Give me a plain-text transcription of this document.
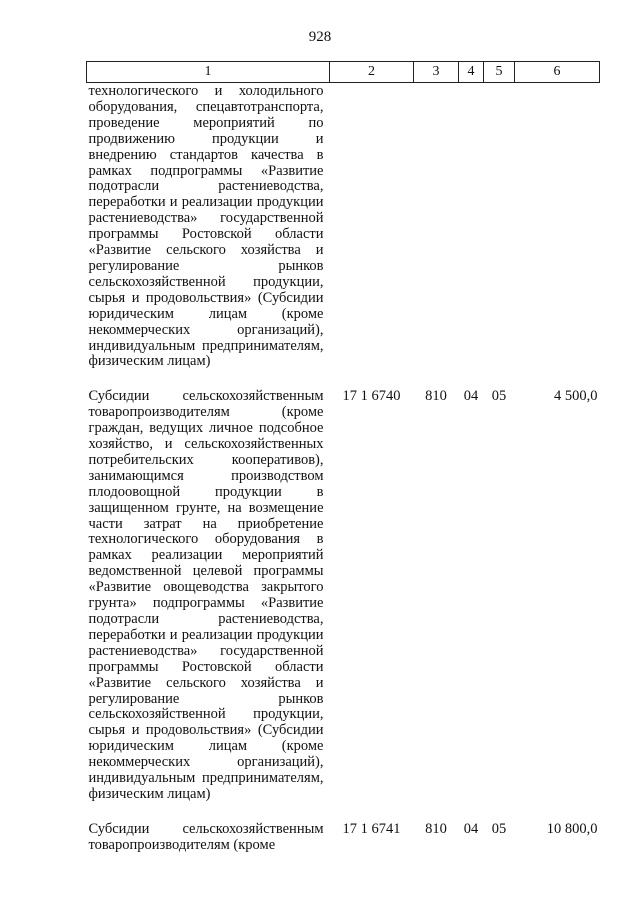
928
1	2	3	4	5	6
технологического и холодильного оборудования, спецавтотранспорта, проведение мероприятий по продвижению продукции и внедрению стандартов качества в рамках подпрограммы «Развитие подотрасли растениеводства, переработки и реализации продукции растениеводства» государственной программы Ростовской области «Развитие сельского хозяйства и регулирование рынков сельскохозяйственной продукции, сырья и продовольствия» (Субсидии юридическим лицам (кроме некоммерческих организаций), индивидуальным предпринимателям, физическим лицам)					

Субсидии сельскохозяйственным товаропроизводителям (кроме граждан, ведущих личное подсобное хозяйство, и сельскохозяйственных потребительских кооперативов), занимающимся производством плодоовощной продукции в защищенном грунте, на возмещение части затрат на приобретение технологического оборудования в рамках реализации мероприятий ведомственной целевой программы «Развитие овощеводства закрытого грунта» подпрограммы «Развитие подотрасли растениеводства, переработки и реализации продукции растениеводства» государственной программы Ростовской области «Развитие сельского хозяйства и регулирование рынков сельскохозяйственной продукции, сырья и продовольствия» (Субсидии юридическим лицам (кроме некоммерческих организаций), индивидуальным предпринимателям, физическим лицам)	17 1 6740	810	04	05	4 500,0

Субсидии сельскохозяйственным товаропроизводителям (кроме	17 1 6741	810	04	05	10 800,0
